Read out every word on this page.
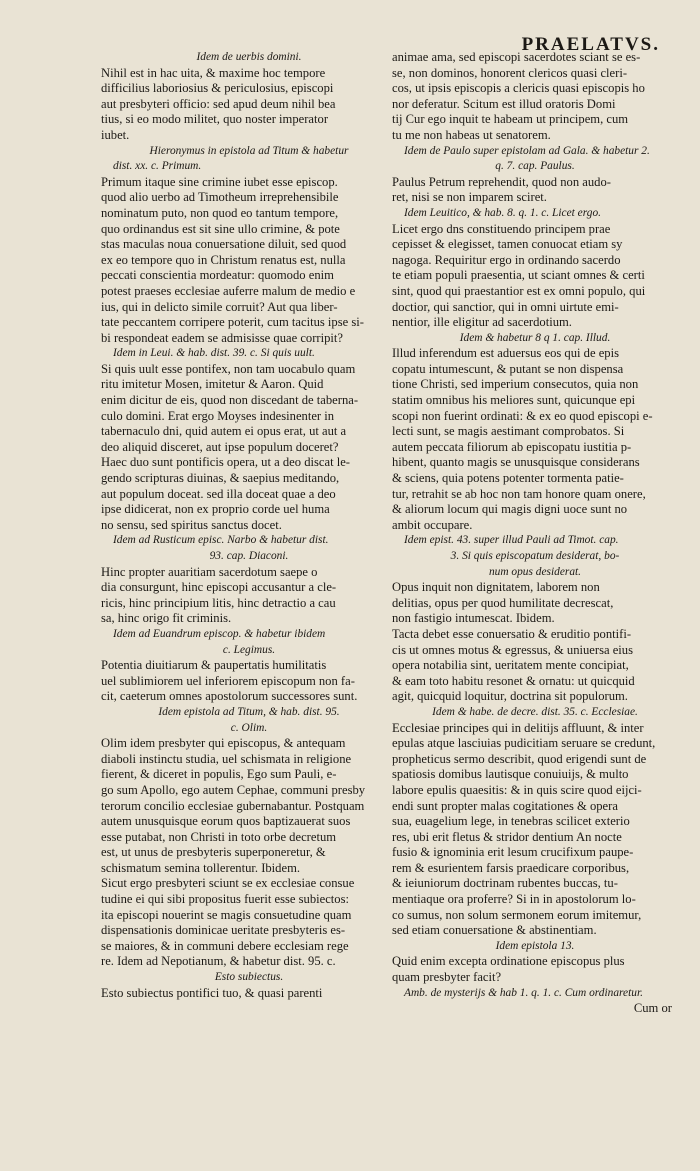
PRAELATVS.
Idem de uerbis domini.
Nihil est in hac uita, & maxime hoc tempore
difficilius laboriosius & periculosius, episcopi
aut presbyteri officio: sed apud deum nihil bea
tius, si eo modo militet, quo noster imperator
iubet.
Hieronymus in epistola ad Titum & habetur
dist. xx. c. Primum.
Primum itaque sine crimine iubet esse episcop.
quod alio uerbo ad Timotheum irreprehensibile
nominatum puto, non quod eo tantum tempore,
quo ordinandus est sit sine ullo crimine, & pote
stas maculas noua conuersatione diluit, sed quod
ex eo tempore quo in Christum renatus est, nulla
peccati conscientia mordeatur: quomodo enim
potest praeses ecclesiae auferre malum de medio e
ius, qui in delicto simile corruit? Aut qua liber-
tate peccantem corripere poterit, cum tacitus ipse si-
bi respondeat eadem se admisisse quae corripit?
Idem in Leui. & hab. dist. 39. c. Si quis uult.
Si quis uult esse pontifex, non tam uocabulo quam
ritu imitetur Mosen, imitetur & Aaron. Quid
enim dicitur de eis, quod non discedant de taberna-
culo domini. Erat ergo Moyses indesinenter in
tabernaculo dni, quid autem ei opus erat, ut aut a
deo aliquid disceret, aut ipse populum doceret?
Haec duo sunt pontificis opera, ut a deo discat le-
gendo scripturas diuinas, & saepius meditando,
aut populum doceat. sed illa doceat quae a deo
ipse didicerat, non ex proprio corde uel huma
no sensu, sed spiritus sanctus docet.
Idem ad Rusticum episc. Narbo & habetur dist.
93. cap. Diaconi.
Hinc propter auaritiam sacerdotum saepe o
dia consurgunt, hinc episcopi accusantur a cle-
ricis, hinc principium litis, hinc detractio a cau
sa, hinc origo fit criminis.
Idem ad Euandrum episcop. & habetur ibidem
c. Legimus.
Potentia diuitiarum & paupertatis humilitatis
uel sublimiorem uel inferiorem episcopum non fa-
cit, caeterum omnes apostolorum successores sunt.
Idem epistola ad Titum, & hab. dist. 95.
c. Olim.
Olim idem presbyter qui episcopus, & antequam
diaboli instinctu studia, uel schismata in religione
fierent, & diceret in populis, Ego sum Pauli, e-
go sum Apollo, ego autem Cephae, communi presby
terorum concilio ecclesiae gubernabantur. Postquam
autem unusquisque eorum quos baptizauerat suos
esse putabat, non Christi in toto orbe decretum
est, ut unus de presbyteris superponeretur, &
schismatum semina tollerentur. Ibidem.
Sicut ergo presbyteri sciunt se ex ecclesiae consue
tudine ei qui sibi propositus fuerit esse subiectos:
ita episcopi nouerint se magis consuetudine quam
dispensationis dominicae ueritate presbyteris es-
se maiores, & in communi debere ecclesiam rege
re. Idem ad Nepotianum, & habetur dist. 95. c.
Esto subiectus.
Esto subiectus pontifici tuo, & quasi parenti
animae ama, sed episcopi sacerdotes sciant se es-
se, non dominos, honorent clericos quasi cleri-
cos, ut ipsis episcopis a clericis quasi episcopis ho
nor deferatur. Scitum est illud oratoris Domi
tij Cur ego inquit te habeam ut principem, cum
tu me non habeas ut senatorem.
Idem de Paulo super epistolam ad Gala. & habetur 2.
q. 7. cap. Paulus.
Paulus Petrum reprehendit, quod non audo-
ret, nisi se non imparem sciret.
Idem Leuitico, & hab. 8. q. 1. c. Licet ergo.
Licet ergo dns constituendo principem prae
cepisset & elegisset, tamen conuocat etiam sy
nagoga. Requiritur ergo in ordinando sacerdo
te etiam populi praesentia, ut sciant omnes & certi
sint, quod qui praestantior est ex omni populo, qui
doctior, qui sanctior, qui in omni uirtute emi-
nentior, ille eligitur ad sacerdotium.
Idem & habetur 8 q 1. cap. Illud.
Illud inferendum est aduersus eos qui de epis
copatu intumescunt, & putant se non dispensa
tione Christi, sed imperium consecutos, quia non
statim omnibus his meliores sunt, quicunque epi
scopi non fuerint ordinati: & ex eo quod episcopi e-
lecti sunt, se magis aestimant comprobatos. Si
autem peccata filiorum ab episcopatu iustitia p-
hibent, quanto magis se unusquisque considerans
& sciens, quia potens potenter tormenta patie-
tur, retrahit se ab hoc non tam honore quam onere,
& aliorum locum qui magis digni uoce sunt no
ambit occupare.
Idem epist. 43. super illud Pauli ad Timot. cap.
3. Si quis episcopatum desiderat, bo-
num opus desiderat.
Opus inquit non dignitatem, laborem non
delitias, opus per quod humilitate decrescat,
non fastigio intumescat. Ibidem.
Tacta debet esse conuersatio & eruditio pontifi-
cis ut omnes motus & egressus, & uniuersa eius
opera notabilia sint, ueritatem mente concipiat,
& eam toto habitu resonet & ornatu: ut quicquid
agit, quicquid loquitur, doctrina sit populorum.
Idem & habe. de decre. dist. 35. c. Ecclesiae.
Ecclesiae principes qui in delitijs affluunt, & inter
epulas atque lasciuias pudicitiam seruare se credunt,
propheticus sermo describit, quod erigendi sunt de
spatiosis domibus lautisque conuiuijs, & multo
labore epulis quaesitis: & in quis scire quod eijci-
endi sunt propter malas cogitationes & opera
sua, euagelium lege, in tenebras scilicet exterio
res, ubi erit fletus & stridor dentium An nocte
fusio & ignominia erit lesum crucifixum paupe-
rem & esurientem farsis praedicare corporibus,
& ieiuniorum doctrinam rubentes buccas, tu-
mentiaque ora proferre? Si in in apostolorum lo-
co sumus, non solum sermonem eorum imitemur,
sed etiam conuersatione & abstinentiam.
Idem epistola 13.
Quid enim excepta ordinatione episcopus plus
quam presbyter facit?
Amb. de mysterijs & hab 1. q. 1. c. Cum ordinaretur.
Cum or
